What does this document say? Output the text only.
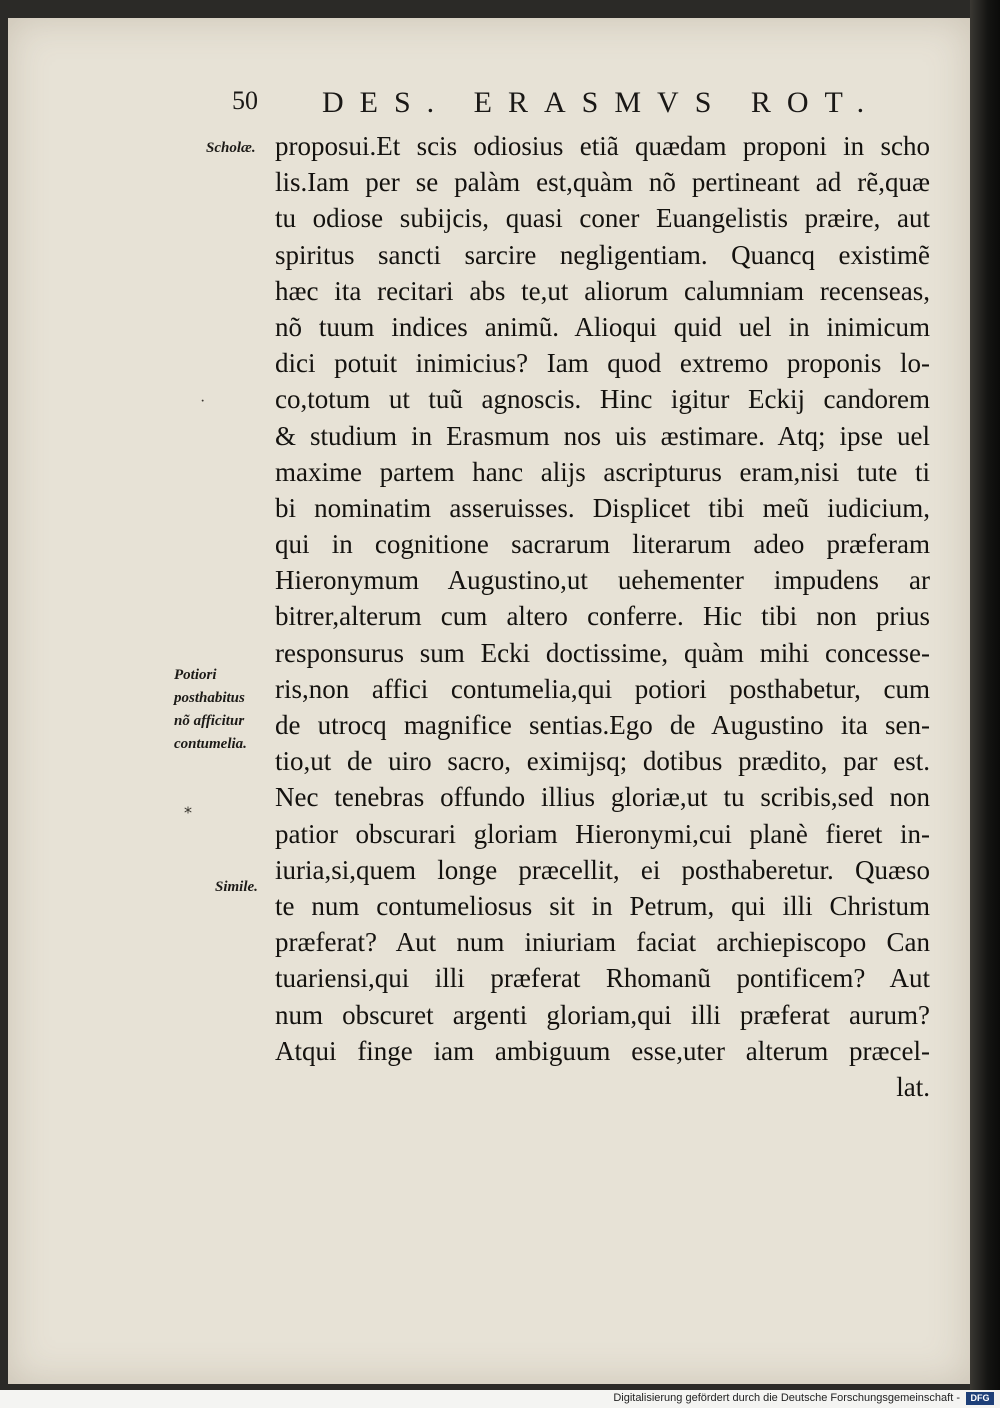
50 DES. ERASMVS ROT.
proposui.Et scis odiosius etiã quædam proponi in scho
lis.Iam per se palàm est,quàm nõ pertineant ad rẽ,quæ
tu odiose subijcis, quasi coner Euangelistis præire, aut
spiritus sancti sarcire negligentiam. Quancq existimẽ
hæc ita recitari abs te,ut aliorum calumniam recenseas,
nõ tuum indices animũ. Alioqui quid uel in inimicum
dici potuit inimicius? Iam quod extremo proponis lo-
co,totum ut tuũ agnoscis. Hinc igitur Eckij candorem
& studium in Erasmum nos uis æstimare. Atq; ipse uel
maxime partem hanc alijs ascripturus eram,nisi tute ti
bi nominatim asseruisses. Displicet tibi meũ iudicium,
qui in cognitione sacrarum literarum adeo præferam
Hieronymum Augustino,ut uehementer impudens ar
bitrer,alterum cum altero conferre. Hic tibi non prius
responsurus sum Ecki doctissime, quàm mihi concesse-
ris,non affici contumelia,qui potiori posthabetur, cum
de utrocq magnifice sentias.Ego de Augustino ita sen-
tio,ut de uiro sacro, eximijsq; dotibus prædito, par est.
Nec tenebras offundo illius gloriæ,ut tu scribis,sed non
patior obscurari gloriam Hieronymi,cui planè fieret in-
iuria,si,quem longe præcellit, ei posthaberetur. Quæso
te num contumeliosus sit in Petrum, qui illi Christum
præferat? Aut num iniuriam faciat archiepiscopo Can
tuariensi,qui illi præferat Rhomanũ pontificem? Aut
num obscuret argenti gloriam,qui illi præferat aurum?
Atqui finge iam ambiguum esse,uter alterum præcel-
lat.
Scholæ.
Potiori
posthabitus
nõ afficitur
contumelia.
Simile.
·
⁎
Digitalisierung gefördert durch die Deutsche Forschungsgemeinschaft -	DFG
